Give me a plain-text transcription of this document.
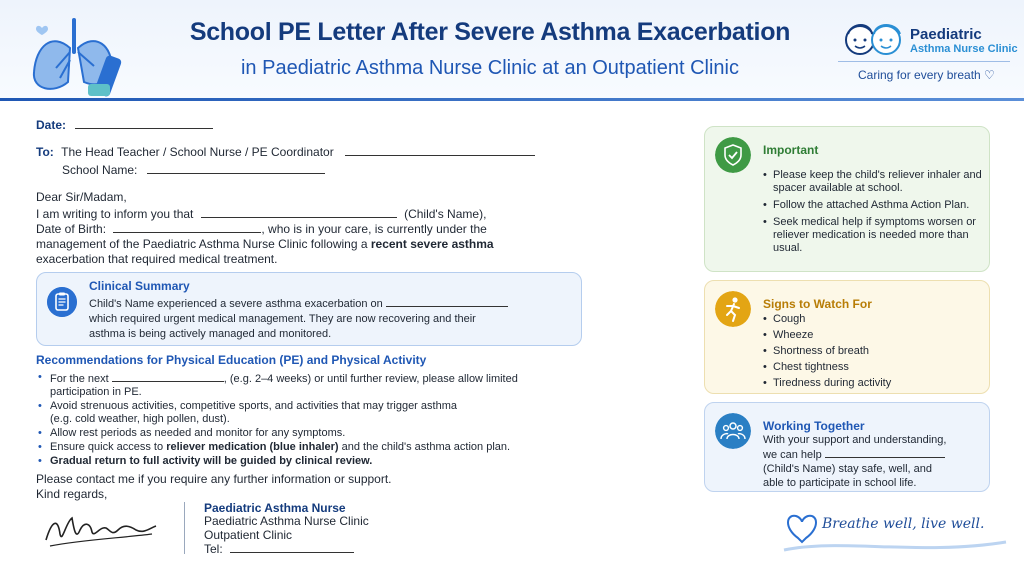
School PE Letter After Severe Asthma Exacerbation
in Paediatric Asthma Nurse Clinic at an Outpatient Clinic
Paediatric
Asthma Nurse Clinic
Caring for every breath ♡
Date:
To: The Head Teacher / School Nurse / PE Coordinator
School Name:
Dear Sir/Madam,
I am writing to inform you that	(Child's Name),
Date of Birth:	, who is in your care, is currently under the
management of the Paediatric Asthma Nurse Clinic following a recent severe asthma
exacerbation that required medical treatment.
Clinical Summary
Child's Name experienced a severe asthma exacerbation on
which required urgent medical management. They are now recovering and their
asthma is being actively managed and monitored.
Recommendations for Physical Education (PE) and Physical Activity
• For the next	, (e.g. 2–4 weeks) or until further review, please allow limited
participation in PE.
• Avoid strenuous activities, competitive sports, and activities that may trigger asthma
(e.g. cold weather, high pollen, dust).
• Allow rest periods as needed and monitor for any symptoms.
• Ensure quick access to reliever medication (blue inhaler) and the child's asthma action plan.
• Gradual return to full activity will be guided by clinical review.
Please contact me if you require any further information or support.
Kind regards,
Paediatric Asthma Nurse
Paediatric Asthma Nurse Clinic
Outpatient Clinic
Tel:
Important
• Please keep the child's reliever inhaler and spacer available at school.
• Follow the attached Asthma Action Plan.
• Seek medical help if symptoms worsen or reliever medication is needed more than usual.
Signs to Watch For
• Cough
• Wheeze
• Shortness of breath
• Chest tightness
• Tiredness during activity
Working Together
With your support and understanding,
we can help
(Child's Name) stay safe, well, and
able to participate in school life.
Breathe well, live well.
